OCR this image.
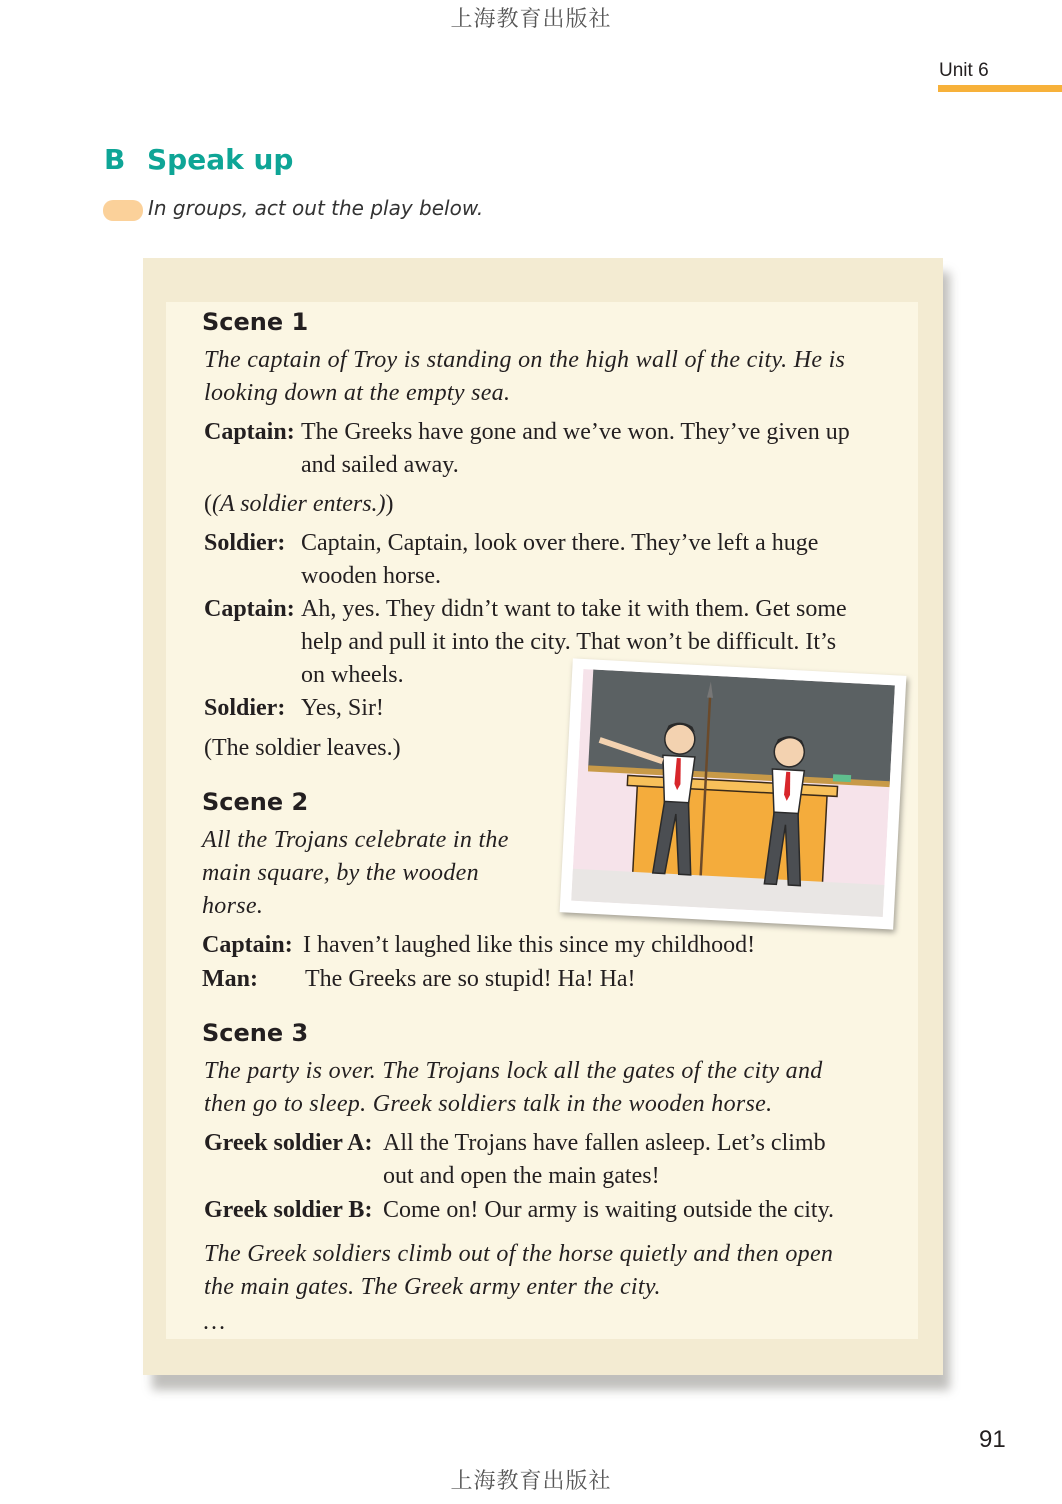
上海教育出版社
Unit 6
B Speak up
In groups, act out the play below.
Scene 1
The captain of Troy is standing on the high wall of the city. He is
looking down at the empty sea.
Captain: The Greeks have gone and we’ve won. They’ve given up
and sailed away.
((A soldier enters.))
Soldier: Captain, Captain, look over there. They’ve left a huge
wooden horse.
Captain: Ah, yes. They didn’t want to take it with them. Get some
help and pull it into the city. That won’t be difficult. It’s
on wheels.
Soldier: Yes, Sir!
(The soldier leaves.)
Scene 2
All the Trojans celebrate in the
main square, by the wooden
horse.
Captain: I haven’t laughed like this since my childhood!
Man: The Greeks are so stupid! Ha! Ha!
Scene 3
The party is over. The Trojans lock all the gates of the city and
then go to sleep. Greek soldiers talk in the wooden horse.
Greek soldier A: All the Trojans have fallen asleep. Let’s climb
out and open the main gates!
Greek soldier B: Come on! Our army is waiting outside the city.
The Greek soldiers climb out of the horse quietly and then open
the main gates. The Greek army enter the city.
…
91
上海教育出版社
